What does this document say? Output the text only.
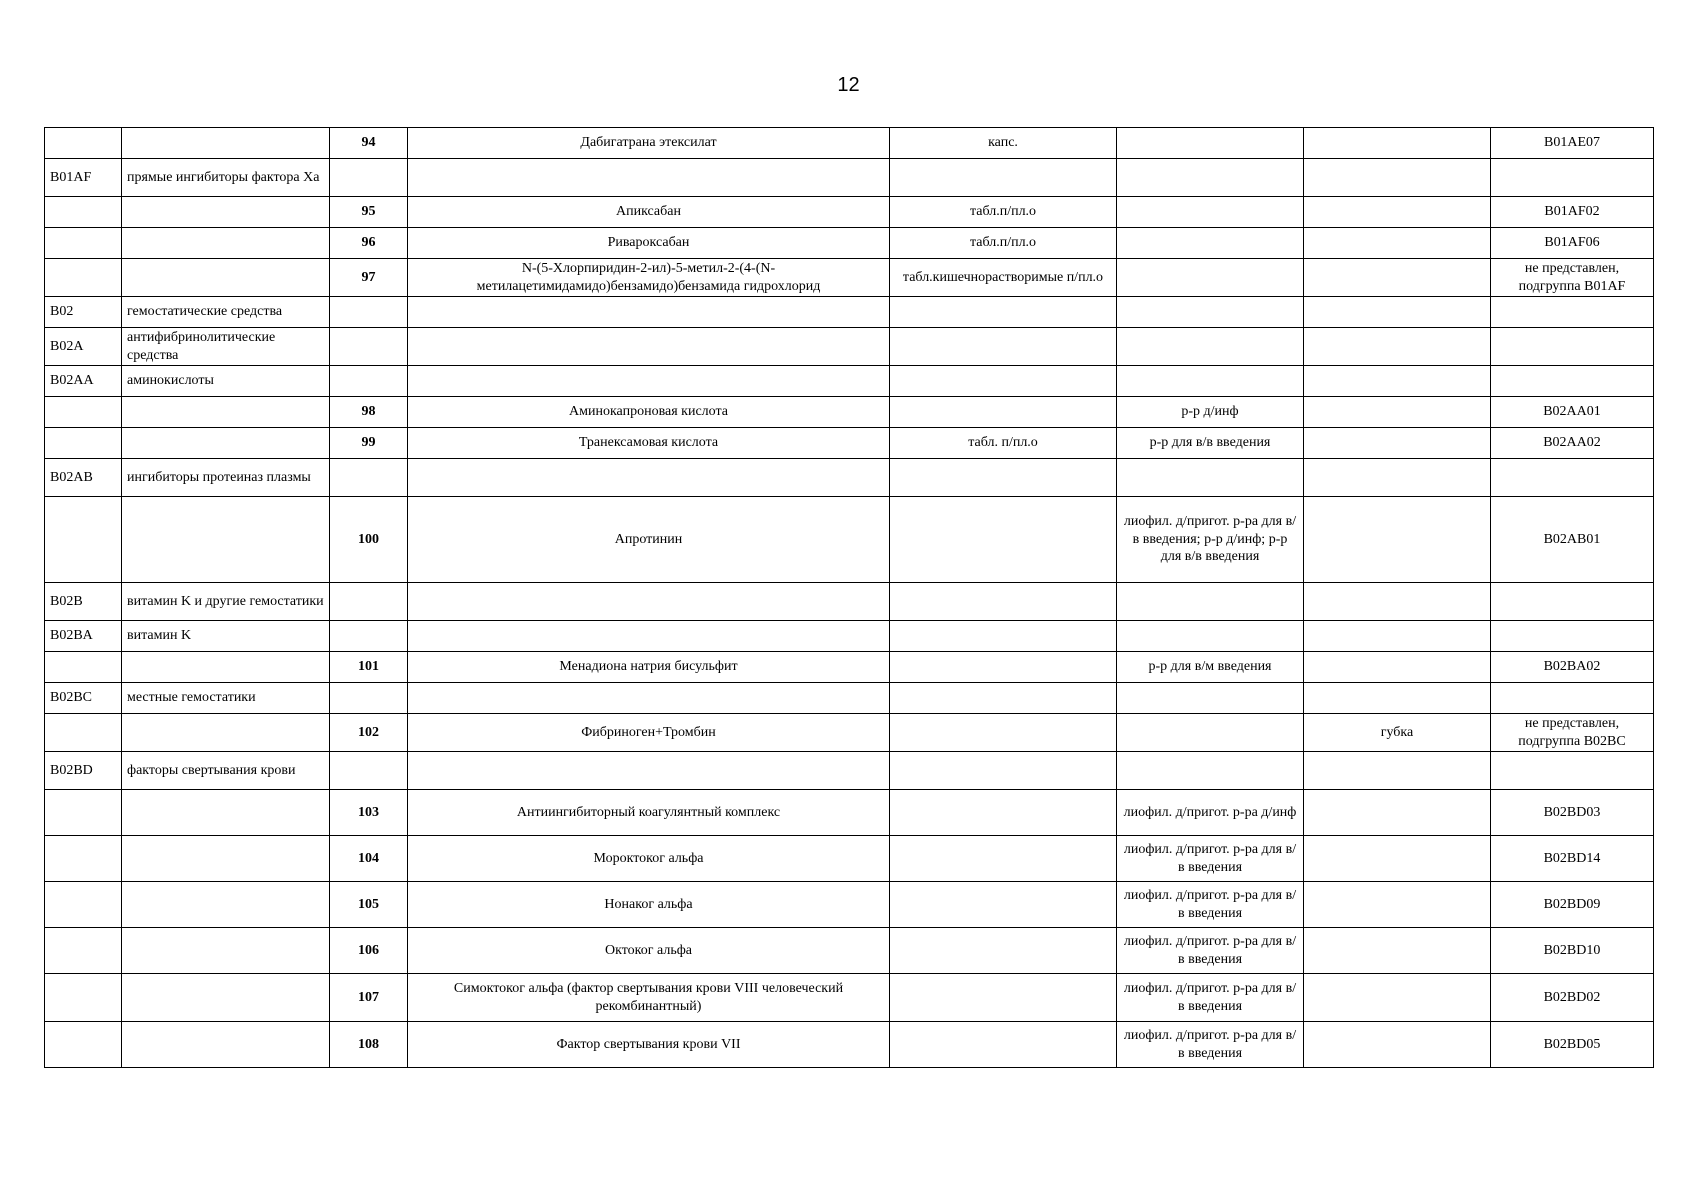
12
		94	Дабигатрана этексилат	капс.			B01AE07
B01AF	прямые ингибиторы фактора Xa						
		95	Апиксабан	табл.п/пл.о			B01AF02
		96	Ривароксабан	табл.п/пл.о			B01AF06
		97	N-(5-Хлорпиридин-2-ил)-5-метил-2-(4-(N-метилацетимидамидо)бензамидо)бензамида гидрохлорид	табл.кишечнорастворимые п/пл.о			не представлен, подгруппа B01AF
B02	гемостатические средства						
B02A	антифибринолитические средства						
B02AA	аминокислоты						
		98	Аминокапроновая кислота		р-р д/инф		B02AA01
		99	Транексамовая кислота	табл. п/пл.о	р-р для в/в введения		B02AA02
B02AB	ингибиторы протеиназ плазмы						
		100	Апротинин		лиофил. д/пригот. р-ра для в/в введения; р-р д/инф; р-р для в/в введения		B02AB01
B02B	витамин K и другие гемостатики						
B02BA	витамин K						
		101	Менадиона натрия бисульфит		р-р для в/м введения		B02BA02
B02BC	местные гемостатики						
		102	Фибриноген+Тромбин			губка	не представлен, подгруппа B02BC
B02BD	факторы свертывания крови						
		103	Антиингибиторный коагулянтный комплекс		лиофил. д/пригот. р-ра д/инф		B02BD03
		104	Мороктоког альфа		лиофил. д/пригот. р-ра для в/в введения		B02BD14
		105	Нонаког альфа		лиофил. д/пригот. р-ра для в/в введения		B02BD09
		106	Октоког альфа		лиофил. д/пригот. р-ра для в/в введения		B02BD10
		107	Симоктоког альфа (фактор свертывания крови VIII человеческий рекомбинантный)		лиофил. д/пригот. р-ра для в/в введения		B02BD02
		108	Фактор свертывания крови VII		лиофил. д/пригот. р-ра для в/в введения		B02BD05
